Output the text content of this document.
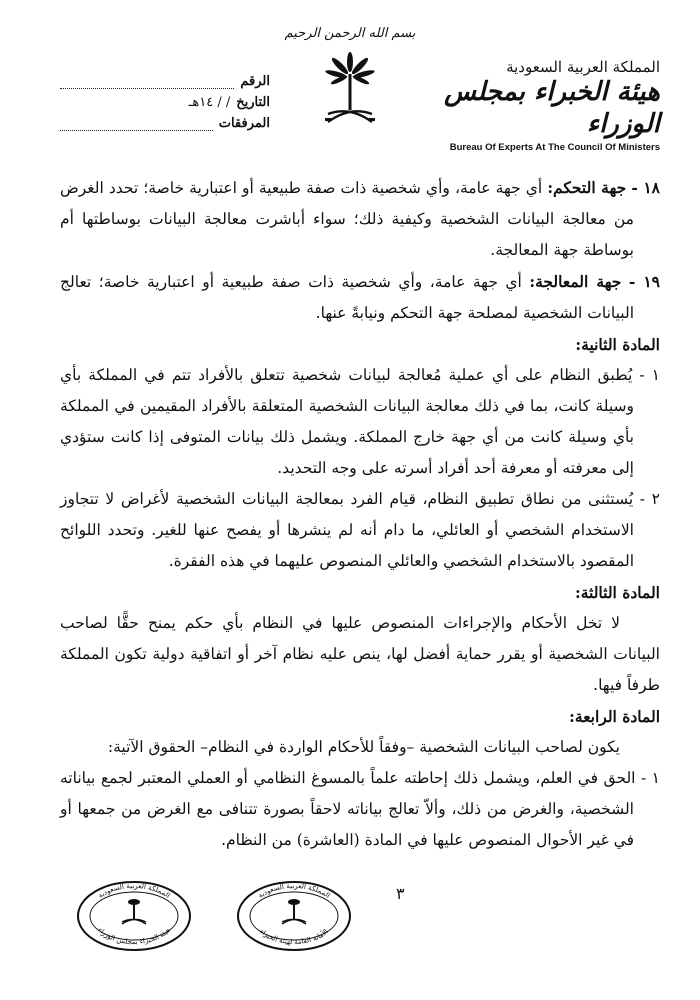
بسم الله الرحمن الرحيم
المملكة العربية السعودية
هيئة الخبراء بمجلس الوزراء
Bureau Of Experts At The Council Of Ministers
الرقم
التاريخ
/ / ١٤هـ
المرفقات

١٨ - جهة التحكم: أي جهة عامة، وأي شخصية ذات صفة طبيعية أو اعتبارية خاصة؛ تحدد الغرض من معالجة البيانات الشخصية وكيفية ذلك؛ سواء أباشرت معالجة البيانات بوساطتها أم بوساطة جهة المعالجة.

١٩ - جهة المعالجة: أي جهة عامة، وأي شخصية ذات صفة طبيعية أو اعتبارية خاصة؛ تعالج البيانات الشخصية لمصلحة جهة التحكم ونيابةً عنها.

المادة الثانية:

١ - يُطبق النظام على أي عملية مُعالجة لبيانات شخصية تتعلق بالأفراد تتم في المملكة بأي وسيلة كانت، بما في ذلك معالجة البيانات الشخصية المتعلقة بالأفراد المقيمين في المملكة بأي وسيلة كانت من أي جهة خارج المملكة. ويشمل ذلك بيانات المتوفى إذا كانت ستؤدي إلى معرفته أو معرفة أحد أفراد أسرته على وجه التحديد.

٢ - يُستثنى من نطاق تطبيق النظام، قيام الفرد بمعالجة البيانات الشخصية لأغراض لا تتجاوز الاستخدام الشخصي أو العائلي، ما دام أنه لم ينشرها أو يفصح عنها للغير. وتحدد اللوائح المقصود بالاستخدام الشخصي والعائلي المنصوص عليهما في هذه الفقرة.

المادة الثالثة:

لا تخل الأحكام والإجراءات المنصوص عليها في النظام بأي حكم يمنح حقًّا لصاحب البيانات الشخصية أو يقرر حماية أفضل لها، ينص عليه نظام آخر أو اتفاقية دولية تكون المملكة طرفاً فيها.

المادة الرابعة:

يكون لصاحب البيانات الشخصية –وفقاً للأحكام الواردة في النظام– الحقوق الآتية:

١ - الحق في العلم، ويشمل ذلك إحاطته علماً بالمسوغ النظامي أو العملي المعتبر لجمع بياناته الشخصية، والغرض من ذلك، وألاّ تعالج بياناته لاحقاً بصورة تتنافى مع الغرض من جمعها أو في غير الأحوال المنصوص عليها في المادة (العاشرة) من النظام.

المملكة العربية السعودية
هيئة الخبراء بمجلس الوزراء
المملكة العربية السعودية
الأمانة العامة لهيئة الخبراء
٣
